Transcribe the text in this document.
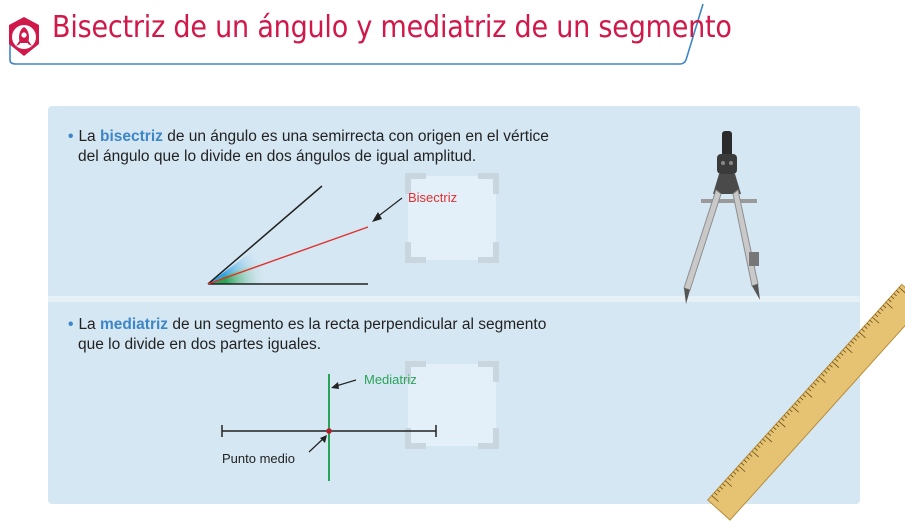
Bisectriz de un ángulo y mediatriz de un segmento
• La bisectriz de un ángulo es una semirrecta con origen en el vértice
del ángulo que lo divide en dos ángulos de igual amplitud.
• La mediatriz de un segmento es la recta perpendicular al segmento
que lo divide en dos partes iguales.
Bisectriz
Mediatriz
Punto medio
